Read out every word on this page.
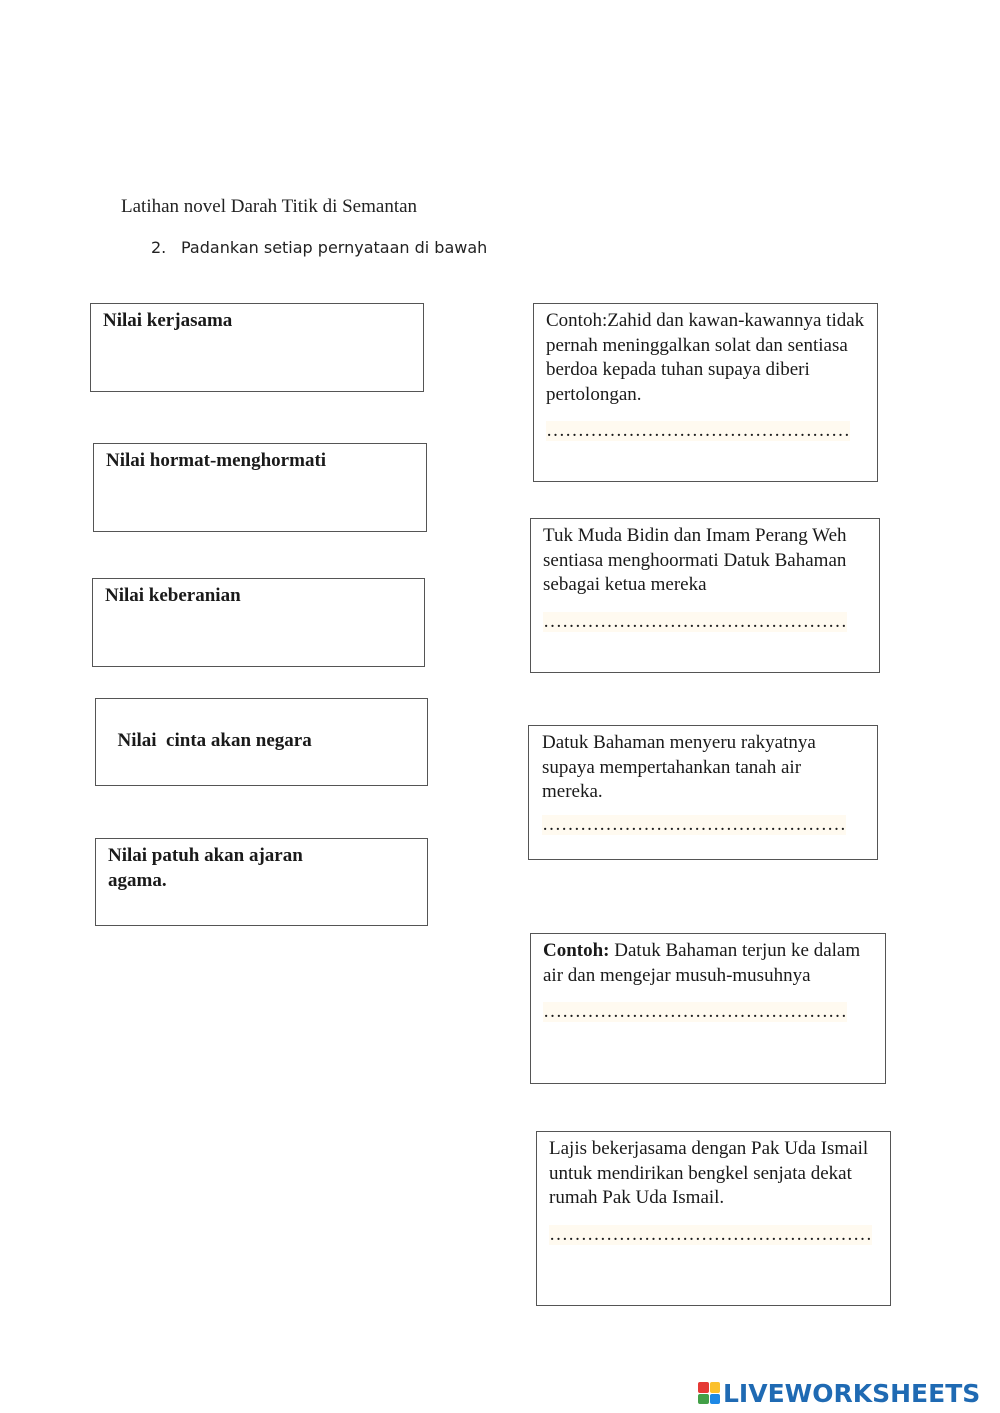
Latihan novel Darah Titik di Semantan
2. Padankan setiap pernyataan di bawah
Nilai kerjasama
Nilai hormat-menghormati
Nilai keberanian

Nilai  cinta akan negara

Nilai patuh akan ajaran agama.
Contoh:Zahid dan kawan-kawannya tidak pernah meninggalkan solat dan sentiasa berdoa kepada tuhan supaya diberi pertolongan.
…………………………………………
Tuk Muda Bidin dan Imam Perang Weh sentiasa menghoormati Datuk Bahaman sebagai ketua mereka
…………………………………………
Datuk Bahaman menyeru rakyatnya supaya mempertahankan tanah air mereka.
…………………………………………
Contoh: Datuk Bahaman terjun ke dalam air dan mengejar musuh-musuhnya
…………………………………………
Lajis bekerjasama dengan Pak Uda Ismail untuk mendirikan bengkel senjata dekat rumah Pak Uda Ismail.
……………………………………………
LIVEWORKSHEETS
